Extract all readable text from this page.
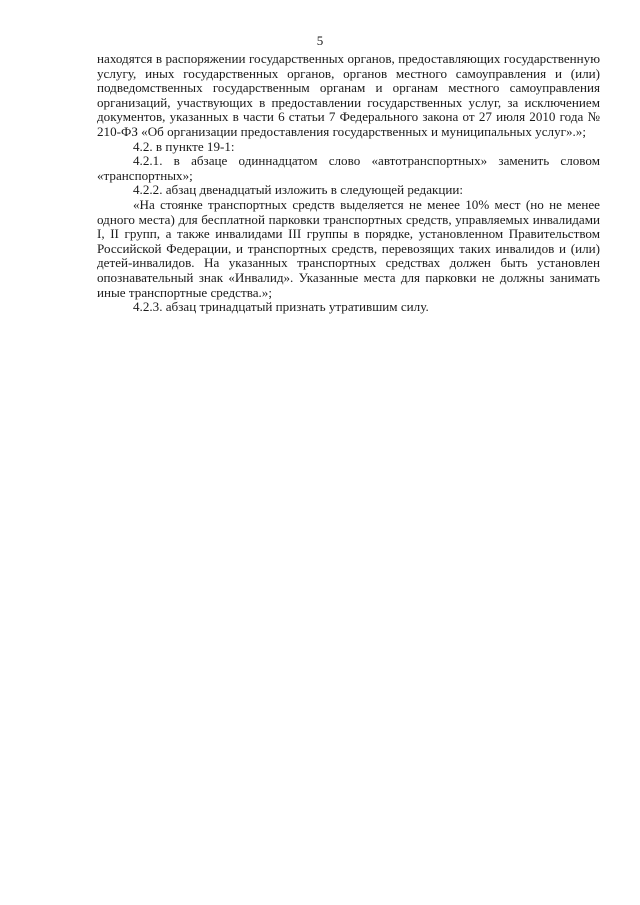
5

находятся в распоряжении государственных органов, предоставляющих государственную услугу, иных государственных органов, органов местного самоуправления и (или) подведомственных государственным органам и органам местного самоуправления организаций, участвующих в предоставлении государственных услуг, за исключением документов, указанных в части 6 статьи 7 Федерального закона от 27 июля 2010 года № 210-ФЗ «Об организации предоставления государственных и муниципальных услуг».»;

4.2. в пункте 19-1:

4.2.1. в абзаце одиннадцатом слово «автотранспортных» заменить словом «транспортных»;

4.2.2. абзац двенадцатый изложить в следующей редакции:

«На стоянке транспортных средств выделяется не менее 10% мест (но не менее одного места) для бесплатной парковки транспортных средств, управляемых инвалидами I, II групп, а также инвалидами III группы в порядке, установленном Правительством Российской Федерации, и транспортных средств, перевозящих таких инвалидов и (или) детей-инвалидов. На указанных транспортных средствах должен быть установлен опознавательный знак «Инвалид». Указанные места для парковки не должны занимать иные транспортные средства.»;

4.2.3. абзац тринадцатый признать утратившим силу.
